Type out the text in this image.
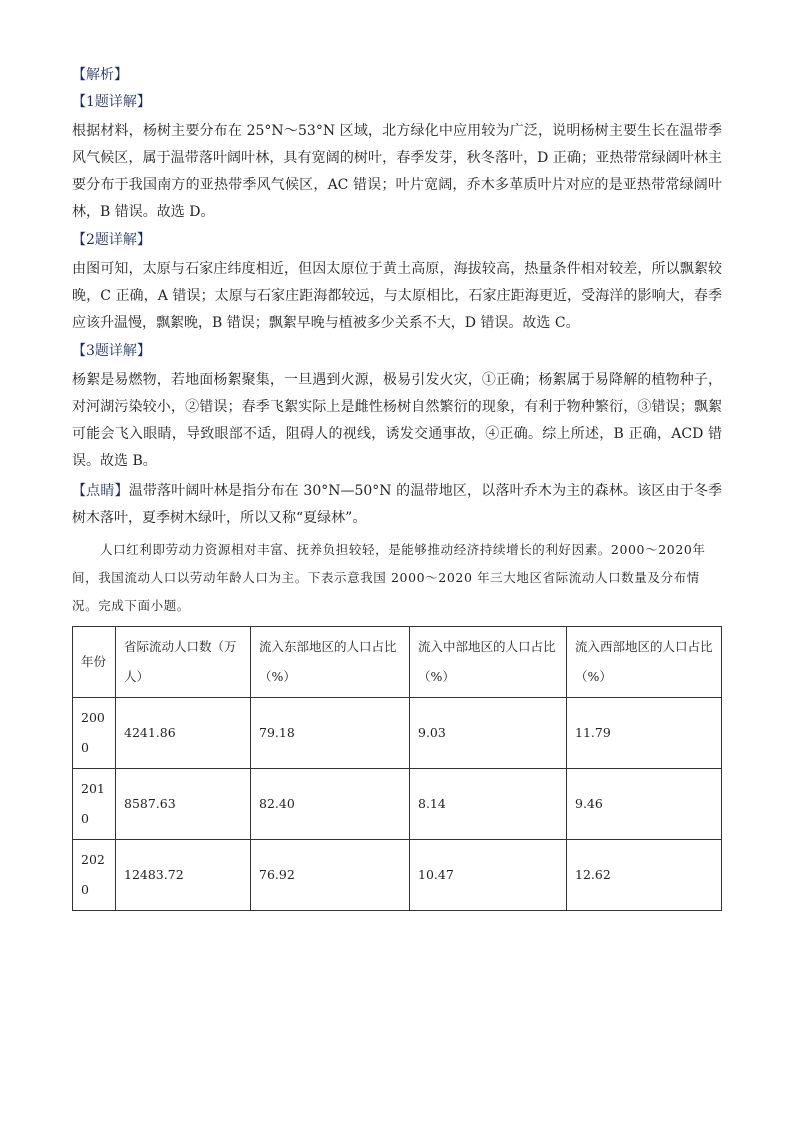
【解析】
【1题详解】
根据材料，杨树主要分布在 25°N～53°N 区域，北方绿化中应用较为广泛，说明杨树主要生长在温带季风气候区，属于温带落叶阔叶林，具有宽阔的树叶，春季发芽，秋冬落叶，D 正确；亚热带常绿阔叶林主要分布于我国南方的亚热带季风气候区，AC 错误；叶片宽阔，乔木多革质叶片对应的是亚热带常绿阔叶林，B 错误。故选 D。
【2题详解】
由图可知，太原与石家庄纬度相近，但因太原位于黄土高原，海拔较高，热量条件相对较差，所以飘絮较晚，C 正确，A 错误；太原与石家庄距海都较远，与太原相比，石家庄距海更近，受海洋的影响大，春季应该升温慢，飘絮晚，B 错误；飘絮早晚与植被多少关系不大，D 错误。故选 C。
【3题详解】
杨絮是易燃物，若地面杨絮聚集，一旦遇到火源，极易引发火灾，①正确；杨絮属于易降解的植物种子，对河湖污染较小，②错误；春季飞絮实际上是雌性杨树自然繁衍的现象，有利于物种繁衍，③错误；飘絮可能会飞入眼睛，导致眼部不适，阻碍人的视线，诱发交通事故，④正确。综上所述，B 正确，ACD 错误。故选 B。
【点睛】温带落叶阔叶林是指分布在 30°N—50°N 的温带地区，以落叶乔木为主的森林。该区由于冬季树木落叶，夏季树木绿叶，所以又称“夏绿林”。
人口红利即劳动力资源相对丰富、抚养负担较轻，是能够推动经济持续增长的利好因素。2000～2020年间，我国流动人口以劳动年龄人口为主。下表示意我国 2000～2020 年三大地区省际流动人口数量及分布情况。完成下面小题。
年份	省际流动人口数（万人）	流入东部地区的人口占比（%）	流入中部地区的人口占比（%）	流入西部地区的人口占比（%）
2000	4241.86	79.18	9.03	11.79
2010	8587.63	82.40	8.14	9.46
2020	12483.72	76.92	10.47	12.62
